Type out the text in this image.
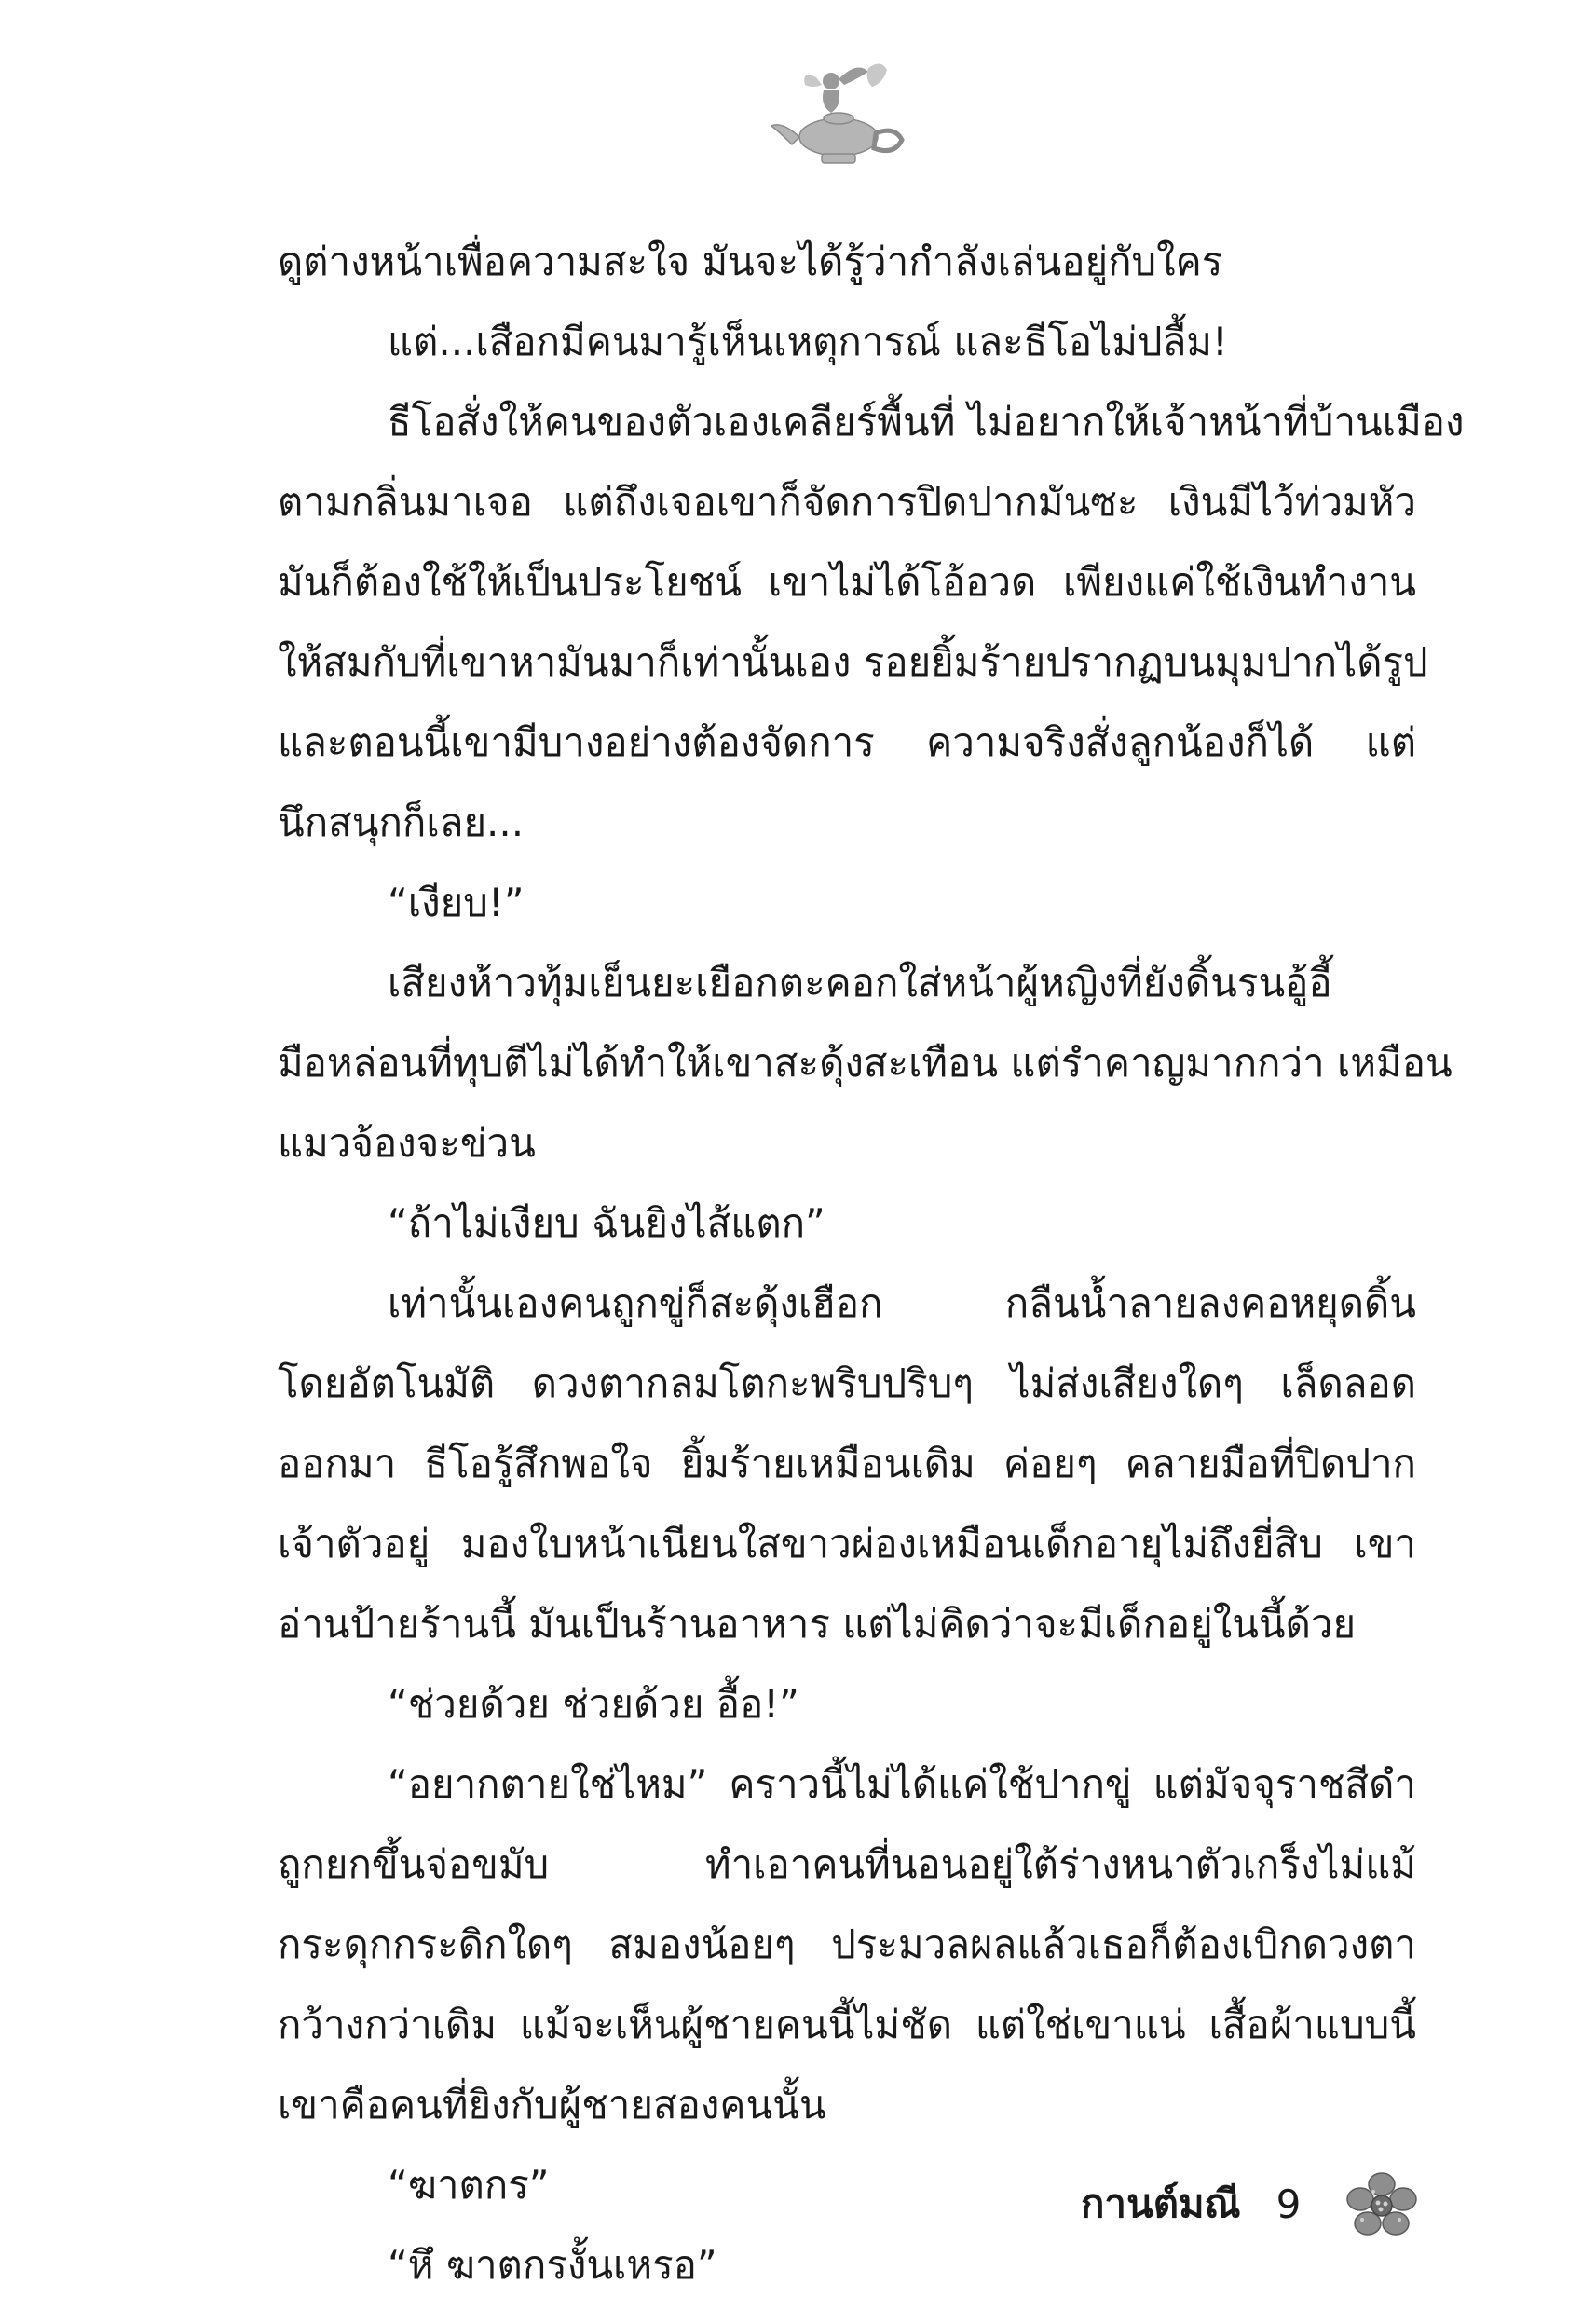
ดูต่างหน้าเพื่อความสะใจ มันจะได้รู้ว่ากำลังเล่นอยู่กับใคร
แต่...เสือกมีคนมารู้เห็นเหตุการณ์ และธีโอไม่ปลื้ม!
ธีโอสั่งให้คนของตัวเองเคลียร์พื้นที่ ไม่อยากให้เจ้าหน้าที่บ้านเมือง
ตามกลิ่นมาเจอ แต่ถึงเจอเขาก็จัดการปิดปากมันซะ เงินมีไว้ท่วมหัว
มันก็ต้องใช้ให้เป็นประโยชน์ เขาไม่ได้โอ้อวด เพียงแค่ใช้เงินทำงาน
ให้สมกับที่เขาหามันมาก็เท่านั้นเอง รอยยิ้มร้ายปรากฏบนมุมปากได้รูป
และตอนนี้เขามีบางอย่างต้องจัดการ ความจริงสั่งลูกน้องก็ได้ แต่
นึกสนุกก็เลย...
“เงียบ!”
เสียงห้าวทุ้มเย็นยะเยือกตะคอกใส่หน้าผู้หญิงที่ยังดิ้นรนอู้อี้
มือหล่อนที่ทุบตีไม่ได้ทำให้เขาสะดุ้งสะเทือน แต่รำคาญมากกว่า เหมือน
แมวจ้องจะข่วน
“ถ้าไม่เงียบ ฉันยิงไส้แตก”
เท่านั้นเองคนถูกขู่ก็สะดุ้งเฮือก กลืนน้ำลายลงคอหยุดดิ้น
โดยอัตโนมัติ ดวงตากลมโตกะพริบปริบๆ ไม่ส่งเสียงใดๆ เล็ดลอด
ออกมา ธีโอรู้สึกพอใจ ยิ้มร้ายเหมือนเดิม ค่อยๆ คลายมือที่ปิดปาก
เจ้าตัวอยู่ มองใบหน้าเนียนใสขาวผ่องเหมือนเด็กอายุไม่ถึงยี่สิบ เขา
อ่านป้ายร้านนี้ มันเป็นร้านอาหาร แต่ไม่คิดว่าจะมีเด็กอยู่ในนี้ด้วย
“ช่วยด้วย ช่วยด้วย อื้อ!”
“อยากตายใช่ไหม” คราวนี้ไม่ได้แค่ใช้ปากขู่ แต่มัจจุราชสีดำ
ถูกยกขึ้นจ่อขมับ ทำเอาคนที่นอนอยู่ใต้ร่างหนาตัวเกร็งไม่แม้
กระดุกกระดิกใดๆ สมองน้อยๆ ประมวลผลแล้วเธอก็ต้องเบิกดวงตา
กว้างกว่าเดิม แม้จะเห็นผู้ชายคนนี้ไม่ชัด แต่ใช่เขาแน่ เสื้อผ้าแบบนี้
เขาคือคนที่ยิงกับผู้ชายสองคนนั้น
“ฆาตกร”
“หึ ฆาตกรงั้นเหรอ”
กานต์มณี 9
